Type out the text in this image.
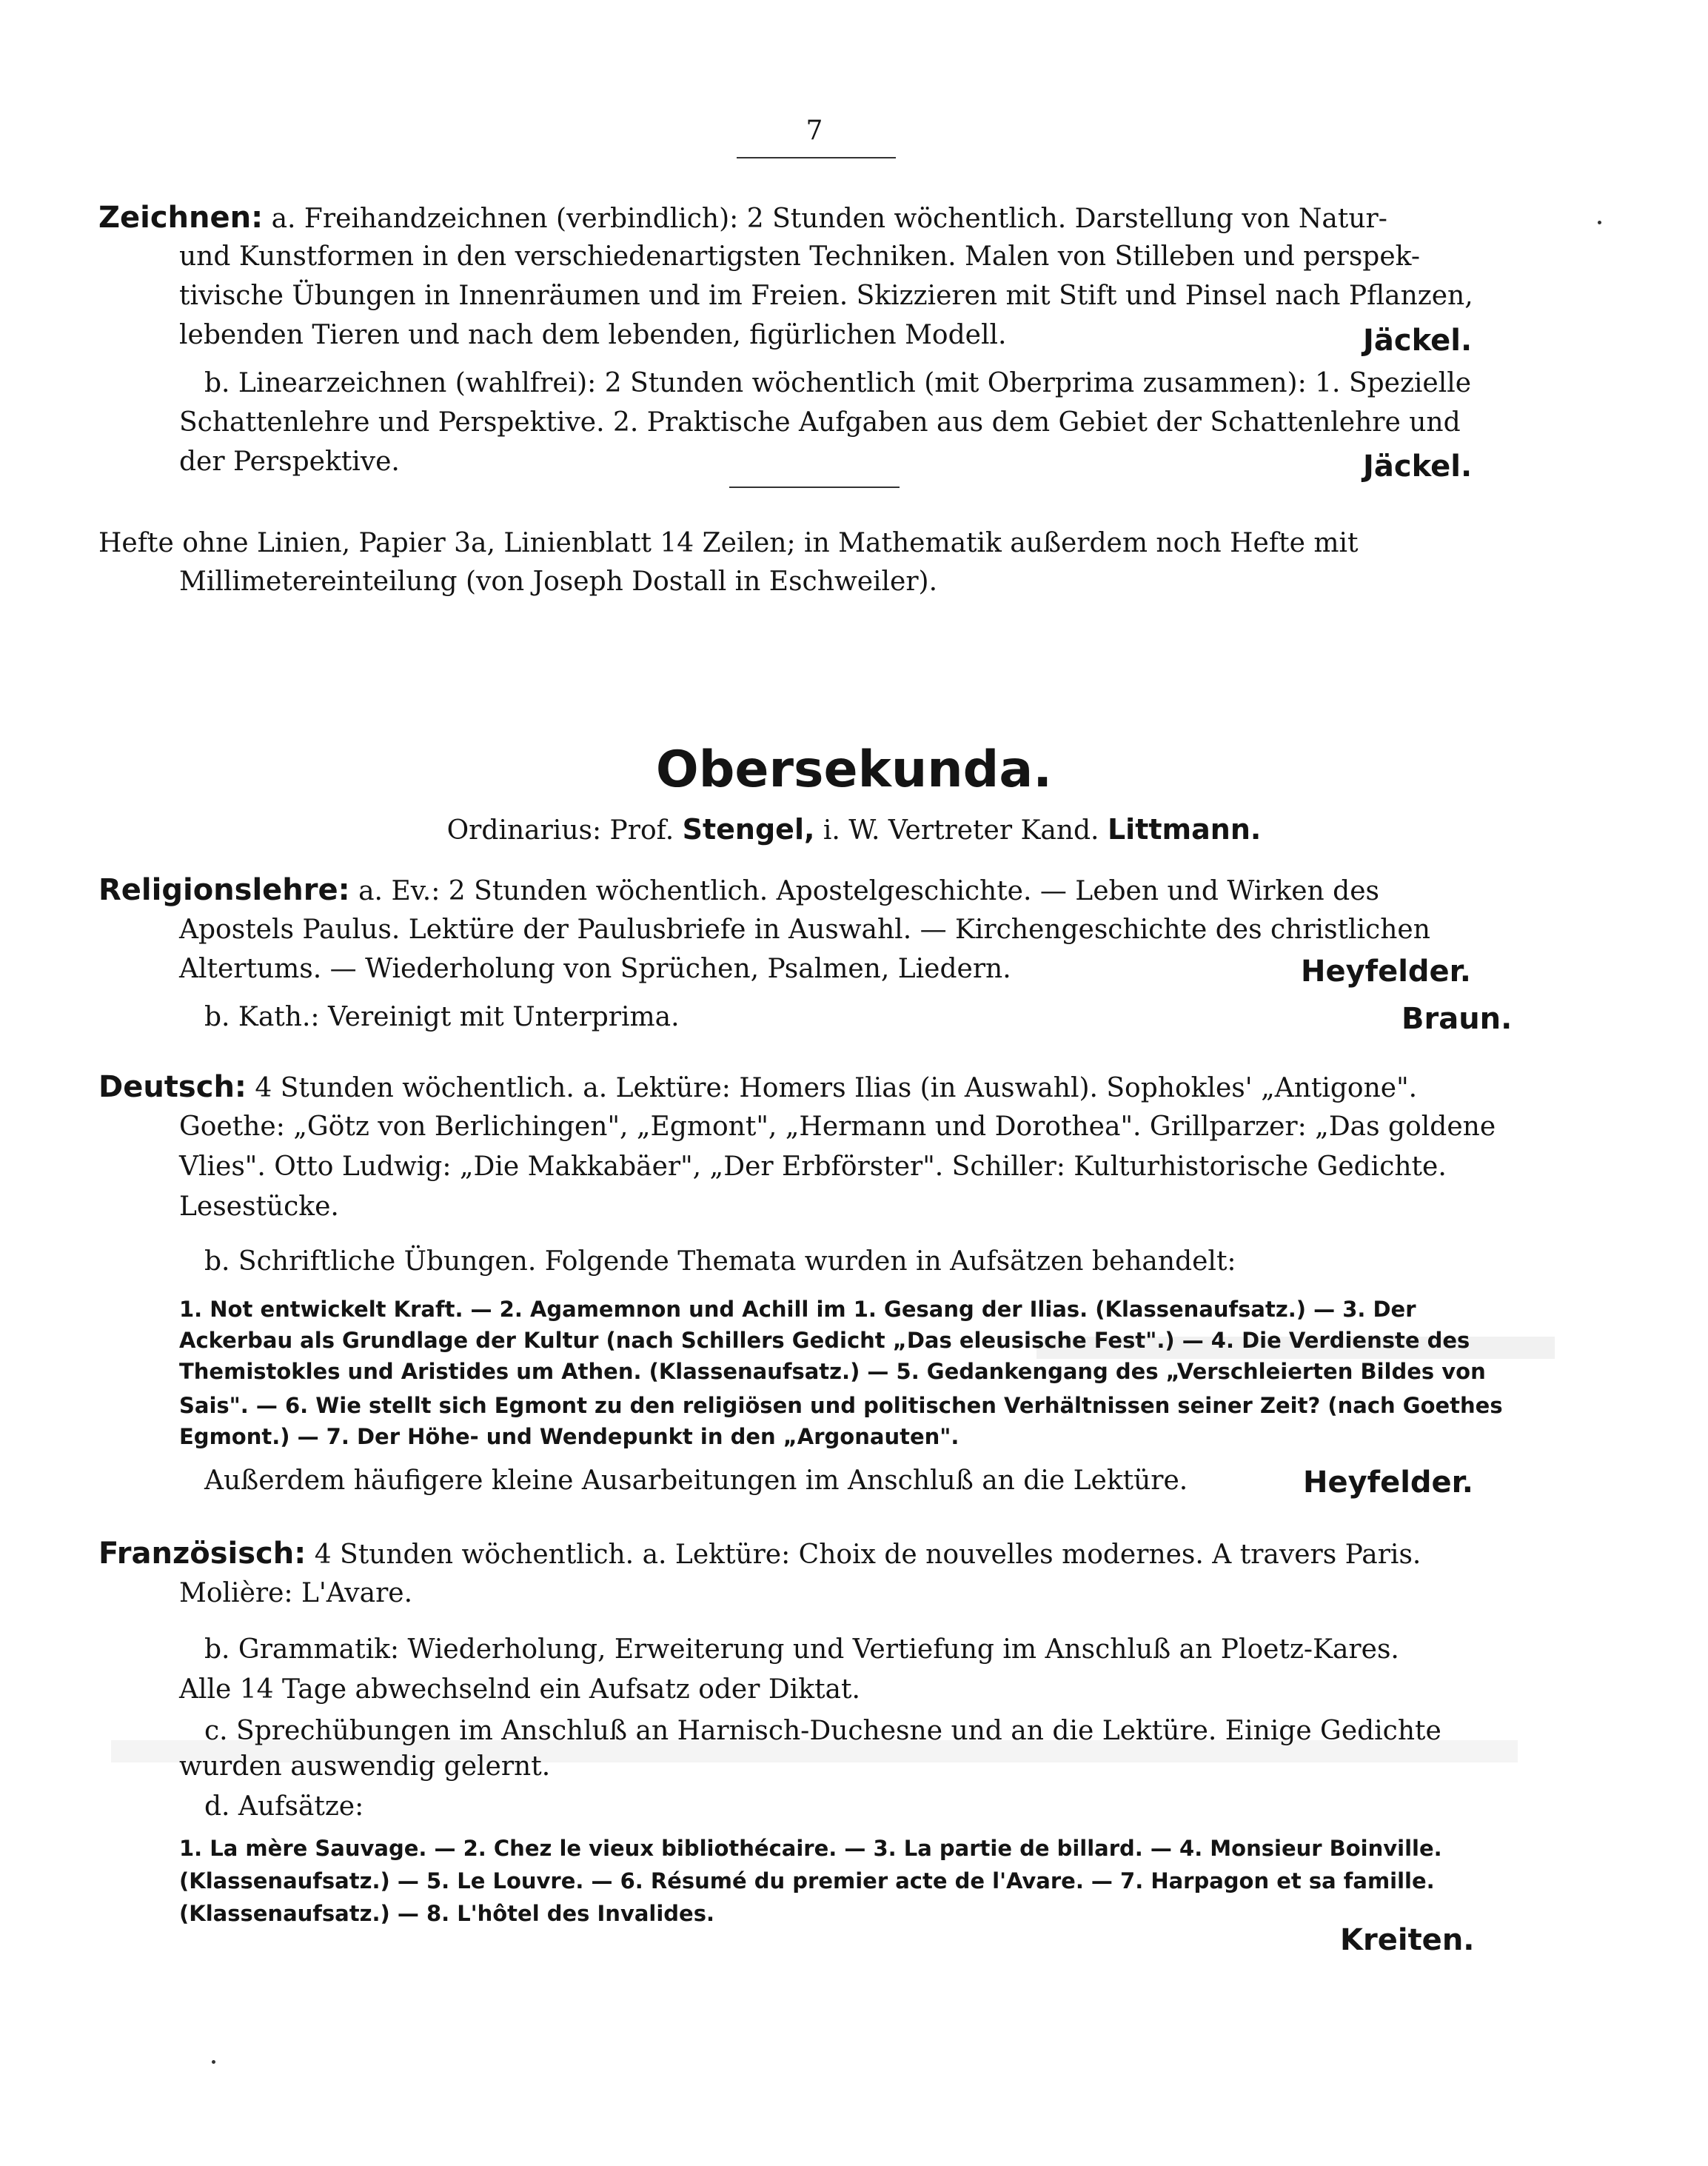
7
Zeichnen: a. Freihandzeichnen (verbindlich): 2 Stunden wöchentlich. Darstellung von Natur-
und Kunstformen in den verschiedenartigsten Techniken. Malen von Stilleben und perspek-
tivische Übungen in Innenräumen und im Freien. Skizzieren mit Stift und Pinsel nach Pflanzen,
lebenden Tieren und nach dem lebenden, figürlichen Modell.	Jäckel.
b. Linearzeichnen (wahlfrei): 2 Stunden wöchentlich (mit Oberprima zusammen): 1. Spezielle
Schattenlehre und Perspektive. 2. Praktische Aufgaben aus dem Gebiet der Schattenlehre und
der Perspektive.	Jäckel.
Hefte ohne Linien, Papier 3a, Linienblatt 14 Zeilen; in Mathematik außerdem noch Hefte mit
Millimetereinteilung (von Joseph Dostall in Eschweiler).
Obersekunda.
Ordinarius: Prof. Stengel, i. W. Vertreter Kand. Littmann.
Religionslehre: a. Ev.: 2 Stunden wöchentlich. Apostelgeschichte. — Leben und Wirken des
Apostels Paulus. Lektüre der Paulusbriefe in Auswahl. — Kirchengeschichte des christlichen
Altertums. — Wiederholung von Sprüchen, Psalmen, Liedern.	Heyfelder.
b. Kath.: Vereinigt mit Unterprima.	Braun.
Deutsch: 4 Stunden wöchentlich. a. Lektüre: Homers Ilias (in Auswahl). Sophokles' „Antigone".
Goethe: „Götz von Berlichingen", „Egmont", „Hermann und Dorothea". Grillparzer: „Das goldene
Vlies". Otto Ludwig: „Die Makkabäer", „Der Erbförster". Schiller: Kulturhistorische Gedichte.
Lesestücke.
b. Schriftliche Übungen. Folgende Themata wurden in Aufsätzen behandelt:
1. Not entwickelt Kraft. — 2. Agamemnon und Achill im 1. Gesang der Ilias. (Klassenaufsatz.) — 3. Der
Ackerbau als Grundlage der Kultur (nach Schillers Gedicht „Das eleusische Fest".) — 4. Die Verdienste des
Themistokles und Aristides um Athen. (Klassenaufsatz.) — 5. Gedankengang des „Verschleierten Bildes von
Sais". — 6. Wie stellt sich Egmont zu den religiösen und politischen Verhältnissen seiner Zeit? (nach Goethes
Egmont.) — 7. Der Höhe- und Wendepunkt in den „Argonauten".
Außerdem häufigere kleine Ausarbeitungen im Anschluß an die Lektüre.	Heyfelder.
Französisch: 4 Stunden wöchentlich. a. Lektüre: Choix de nouvelles modernes. A travers Paris.
Molière: L'Avare.
b. Grammatik: Wiederholung, Erweiterung und Vertiefung im Anschluß an Ploetz-Kares.
Alle 14 Tage abwechselnd ein Aufsatz oder Diktat.
c. Sprechübungen im Anschluß an Harnisch-Duchesne und an die Lektüre. Einige Gedichte
wurden auswendig gelernt.
d. Aufsätze:
1. La mère Sauvage. — 2. Chez le vieux bibliothécaire. — 3. La partie de billard. — 4. Monsieur Boinville.
(Klassenaufsatz.) — 5. Le Louvre. — 6. Résumé du premier acte de l'Avare. — 7. Harpagon et sa famille.
(Klassenaufsatz.) — 8. L'hôtel des Invalides.
Kreiten.
